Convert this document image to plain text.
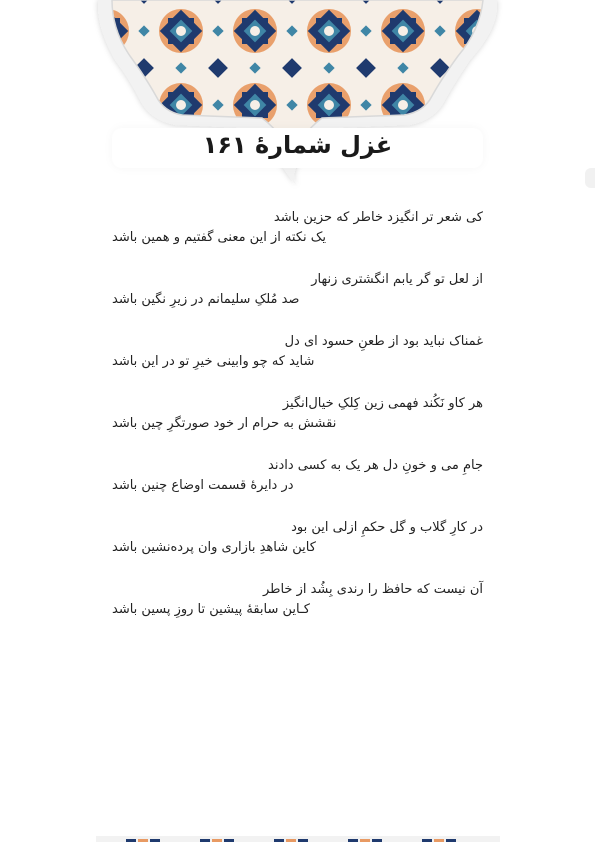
غزل شمارهٔ ۱۶۱
کی شعر تر انگیزد خاطر که حزین باشد
یک نکته از این معنی گفتیم و همین باشد
از لعل تو گر یابم انگشتری زنهار
صد مُلکِ سلیمانم در زیرِ نگین باشد
غمناک نباید بود از طعنِ حسود ای دل
شاید که چو وابینی خیرِ تو در این باشد
هر کاو نَکُند فهمی زین کِلکِ خیال‌انگیز
نقشش به حرام ار خود صورتگرِ چین باشد
جامِ می و خونِ دل هر یک به کسی دادند
در دایرهٔ قسمت اوضاع چنین باشد
در کارِ گلاب و گل حکمِ ازلی این بود
کاین شاهدِ بازاری وان پرده‌نشین باشد
آن نیست که حافظ را رندی بِشُد از خاطر
کـاین سابقهٔ پیشین تا روزِ پسین باشد
